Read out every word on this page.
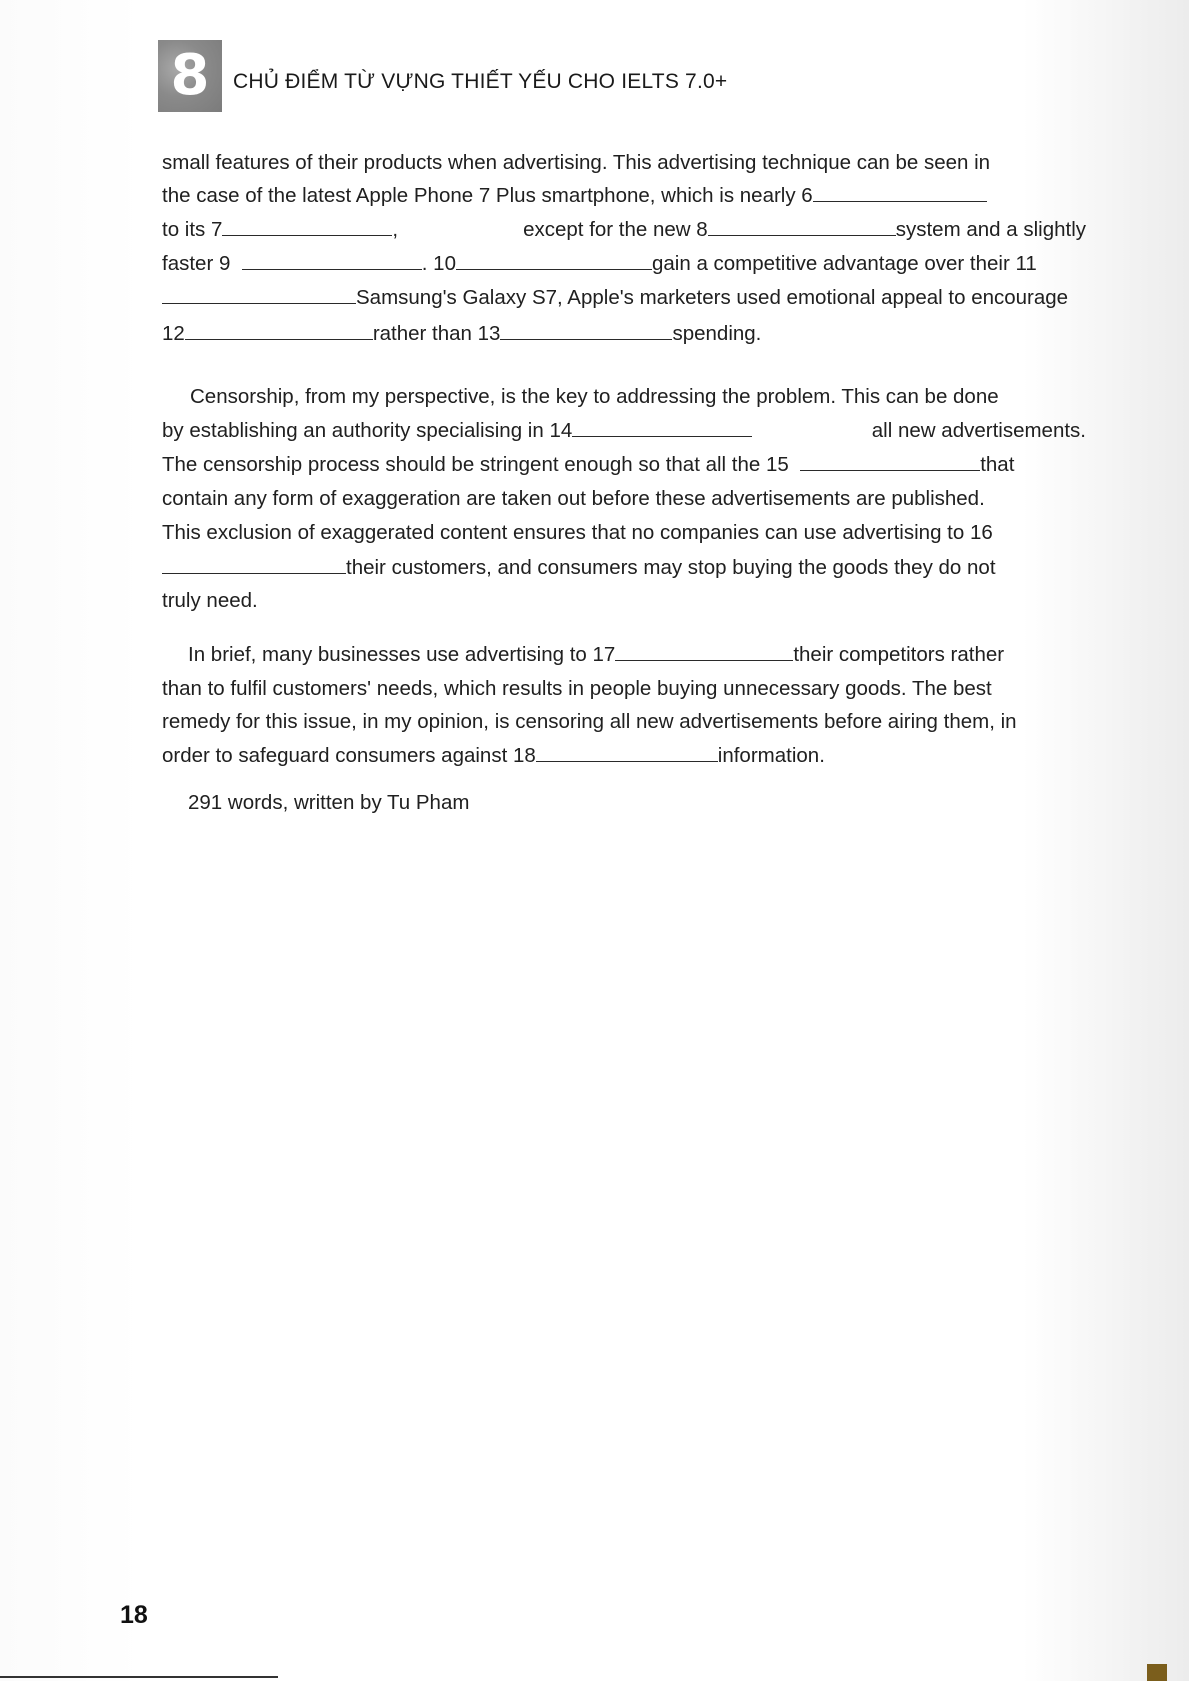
8	CHỦ ĐIỂM TỪ VỰNG THIẾT YẾU CHO IELTS 7.0+
small features of their products when advertising. This advertising technique can be seen in
the case of the latest Apple Phone 7 Plus smartphone, which is nearly 6
to its 7	,	except for the new 8	system and a slightly
faster 9	. 10	gain a competitive advantage over their 11
Samsung's Galaxy S7, Apple's marketers used emotional appeal to encourage
12	rather than 13	spending.
Censorship, from my perspective, is the key to addressing the problem. This can be done
by establishing an authority specialising in 14	all new advertisements.
The censorship process should be stringent enough so that all the 15	that
contain any form of exaggeration are taken out before these advertisements are published.
This exclusion of exaggerated content ensures that no companies can use advertising to 16
their customers, and consumers may stop buying the goods they do not
truly need.
In brief, many businesses use advertising to 17	their competitors rather
than to fulfil customers' needs, which results in people buying unnecessary goods. The best
remedy for this issue, in my opinion, is censoring all new advertisements before airing them, in
order to safeguard consumers against 18	information.
291 words, written by Tu Pham
18
